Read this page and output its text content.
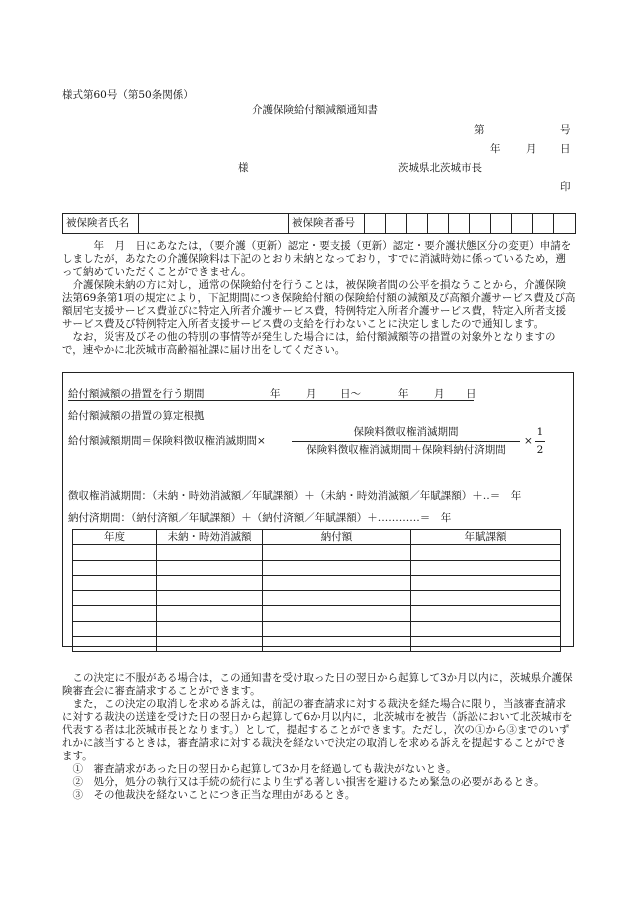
様式第60号（第50条関係）
介護保険給付額減額通知書
第	号
年 月 日
様	茨城県北茨城市長
印
被保険者氏名		被保険者番号										

　　　年　月　日にあなたは，（要介護（更新）認定・要支援（更新）認定・要介護状態区分の変更）申請をしましたが，あなたの介護保険料は下記のとおり未納となっており，すでに消滅時効に係っているため，遡って納めていただくことができません。

介護保険未納の方に対し，通常の保険給付を行うことは，被保険者間の公平を損なうことから，介護保険法第69条第1項の規定により，下記期間につき保険給付額の保険給付額の減額及び高額介護サービス費及び高額居宅支援サービス費並びに特定入所者介護サービス費，特例特定入所者介護サービス費，特定入所者支援サービス費及び特例特定入所者支援サービス費の支給を行わないことに決定しましたので通知します。

なお，災害及びその他の特別の事情等が発生した場合には，給付額減額等の措置の対象外となりますので，速やかに北茨城市高齢福祉課に届け出をしてください。

給付額減額の措置を行う期間	年 月 日〜	年 月 日
給付額減額の措置の算定根拠
給付額減額期間＝保険料徴収権消滅期間×
保険料徴収権消滅期間
保険料徴収権消滅期間＋保険料納付済期間
×
1
2
徴収権消滅期間：（未納・時効消滅額／年賦課額）＋（未納・時効消滅額／年賦課額）＋‥＝　年
納付済期間：（納付済額／年賦課額）＋（納付済額／年賦課額）＋…………＝　年
年度	未納・時効消滅額	納付額	年賦課額

この決定に不服がある場合は，この通知書を受け取った日の翌日から起算して3か月以内に，茨城県介護保険審査会に審査請求することができます。

また，この決定の取消しを求める訴えは，前記の審査請求に対する裁決を経た場合に限り，当該審査請求に対する裁決の送達を受けた日の翌日から起算して6か月以内に，北茨城市を被告（訴訟において北茨城市を代表する者は北茨城市長となります。）として，提起することができます。ただし，次の①から③までのいずれかに該当するときは，審査請求に対する裁決を経ないで決定の取消しを求める訴えを提起することができます。

①　審査請求があった日の翌日から起算して3か月を経過しても裁決がないとき。

②　処分，処分の執行又は手続の続行により生ずる著しい損害を避けるため緊急の必要があるとき。

③　その他裁決を経ないことにつき正当な理由があるとき。
